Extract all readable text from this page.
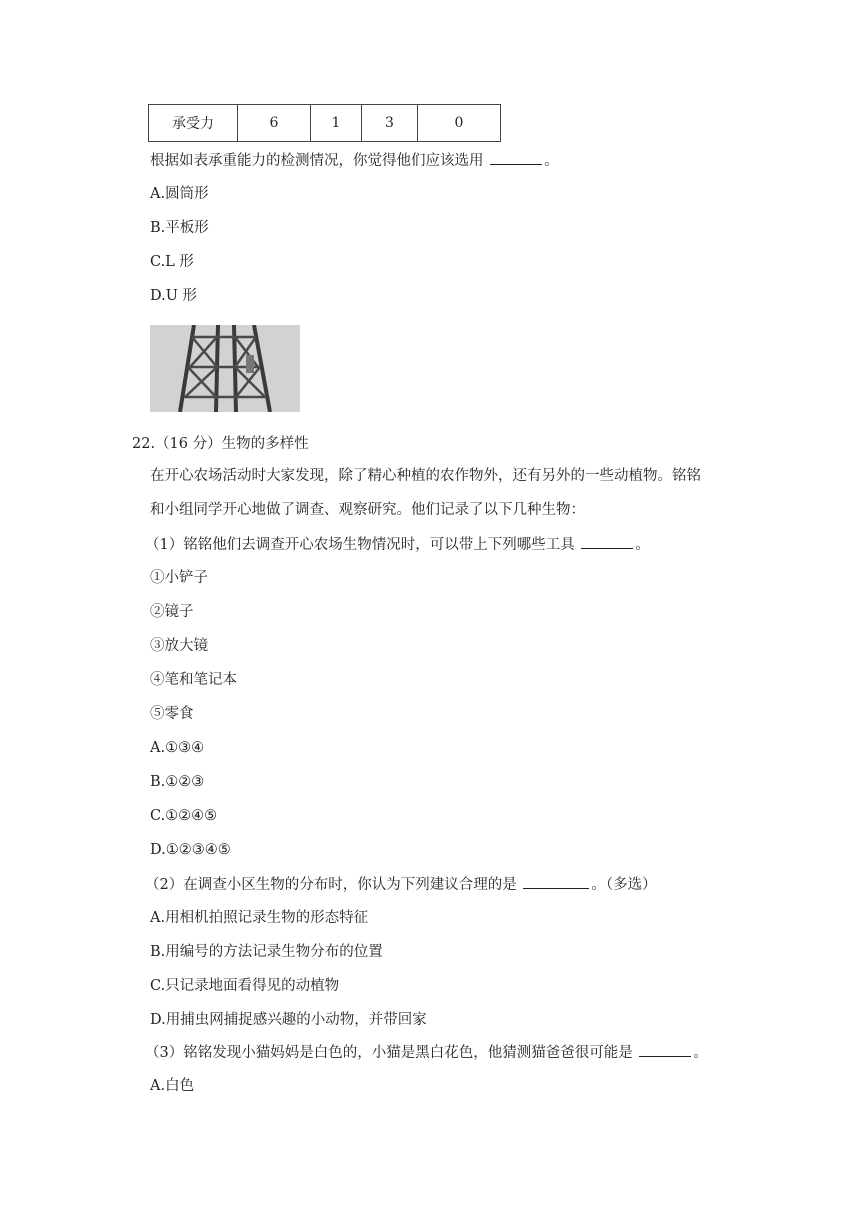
承受力	6	1	3	0
根据如表承重能力的检测情况，你觉得他们应该选用	。
A.圆筒形
B.平板形
C.L 形
D.U 形
22.（16 分）生物的多样性
在开心农场活动时大家发现，除了精心种植的农作物外，还有另外的一些动植物。铭铭
和小组同学开心地做了调查、观察研究。他们记录了以下几种生物：
（1）铭铭他们去调查开心农场生物情况时，可以带上下列哪些工具	。
①小铲子
②镜子
③放大镜
④笔和笔记本
⑤零食
A.①③④
B.①②③
C.①②④⑤
D.①②③④⑤
（2）在调查小区生物的分布时，你认为下列建议合理的是	。（多选）
A.用相机拍照记录生物的形态特征
B.用编号的方法记录生物分布的位置
C.只记录地面看得见的动植物
D.用捕虫网捕捉感兴趣的小动物，并带回家
（3）铭铭发现小猫妈妈是白色的，小猫是黑白花色，他猜测猫爸爸很可能是	。
A.白色
